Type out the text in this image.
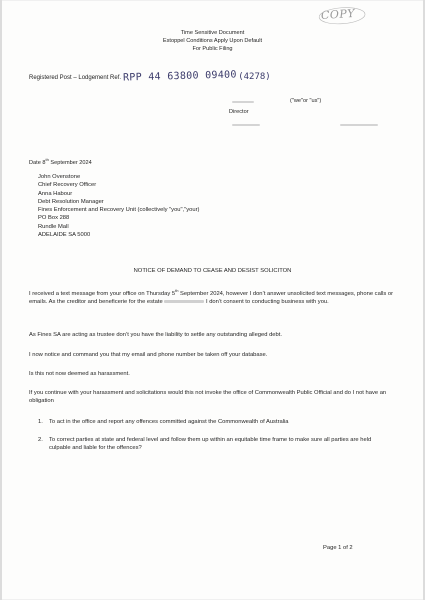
Time Sensitive Document
Estoppel Conditions Apply Upon Default
For Public Filing
COPY
Registered Post – Lodgement Ref. RPP 44 63800 09400 (4278)
("we"or "us")
Director
Date 8th September 2024
John Ovenstone
Chief Recovery Officer
Anna Habour
Debt Resolution Manager
Fines Enforcement and Recovery Unit (collectively "you","your)
PO Box 288
Rundle Mall
ADELAIDE SA 5000
NOTICE OF DEMAND TO CEASE AND DESIST SOLICITON
I received a text message from your office on Thursday 5th September 2024, however I don’t answer unsolicited text messages, phone calls or emails. As the creditor and beneficerie for the estate	I don’t consent to conducting business with you.
As Fines SA are acting as trustee don’t you have the liability to settle any outstanding alleged debt.
I now notice and command you that my email and phone number be taken off your database.
Is this not now deemed as harassment.
If you continue with your harassment and solicitations would this not invoke the office of Commonwealth Public Official and do I not have an obligation
1. To act in the office and report any offences committed against the Commonwealth of Australia
2. To correct parties at state and federal level and follow them up within an equitable time frame to make sure all parties are held culpable and liable for the offences?
Page 1 of 2
